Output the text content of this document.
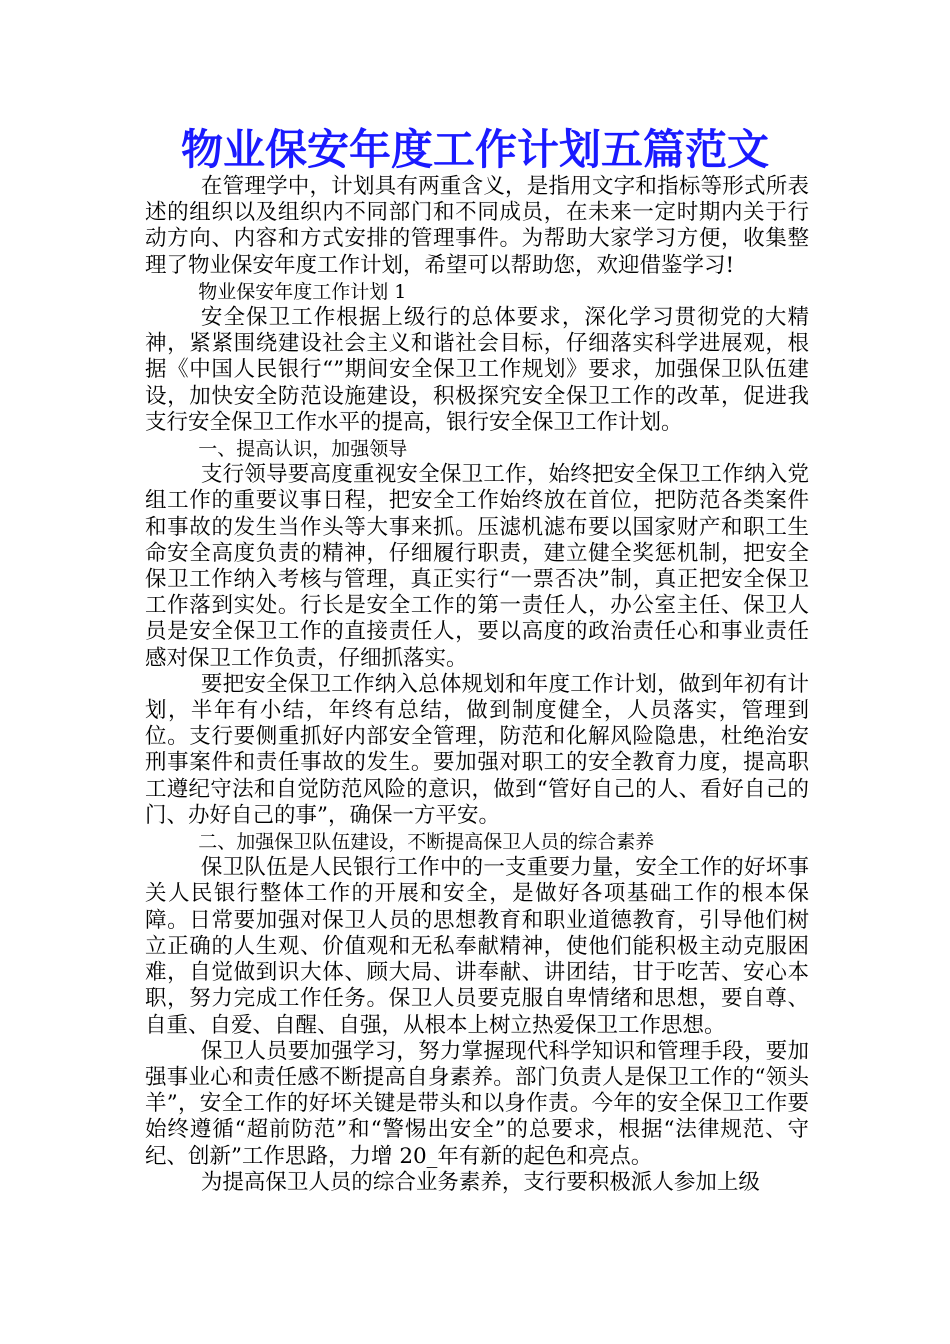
物业保安年度工作计划五篇范文

在管理学中，计划具有两重含义，是指用文字和指标等形式所表述的组织以及组织内不同部门和不同成员，在未来一定时期内关于行动方向、内容和方式安排的管理事件。为帮助大家学习方便，收集整理了物业保安年度工作计划，希望可以帮助您，欢迎借鉴学习!

物业保安年度工作计划 1

安全保卫工作根据上级行的总体要求，深化学习贯彻党的大精神，紧紧围绕建设社会主义和谐社会目标，仔细落实科学进展观，根据《中国人民银行“”期间安全保卫工作规划》要求，加强保卫队伍建设，加快安全防范设施建设，积极探究安全保卫工作的改革，促进我支行安全保卫工作水平的提高，银行安全保卫工作计划。

一、提高认识，加强领导

支行领导要高度重视安全保卫工作，始终把安全保卫工作纳入党组工作的重要议事日程，把安全工作始终放在首位，把防范各类案件和事故的发生当作头等大事来抓。压滤机滤布要以国家财产和职工生命安全高度负责的精神，仔细履行职责，建立健全奖惩机制，把安全保卫工作纳入考核与管理，真正实行“一票否决”制，真正把安全保卫工作落到实处。行长是安全工作的第一责任人，办公室主任、保卫人员是安全保卫工作的直接责任人，要以高度的政治责任心和事业责任感对保卫工作负责，仔细抓落实。

要把安全保卫工作纳入总体规划和年度工作计划，做到年初有计划，半年有小结，年终有总结，做到制度健全，人员落实，管理到位。支行要侧重抓好内部安全管理，防范和化解风险隐患，杜绝治安刑事案件和责任事故的发生。要加强对职工的安全教育力度，提高职工遵纪守法和自觉防范风险的意识，做到“管好自己的人、看好自己的门、办好自己的事”，确保一方平安。

二、加强保卫队伍建设，不断提高保卫人员的综合素养

保卫队伍是人民银行工作中的一支重要力量，安全工作的好坏事关人民银行整体工作的开展和安全，是做好各项基础工作的根本保障。日常要加强对保卫人员的思想教育和职业道德教育，引导他们树立正确的人生观、价值观和无私奉献精神，使他们能积极主动克服困难，自觉做到识大体、顾大局、讲奉献、讲团结，甘于吃苦、安心本职，努力完成工作任务。保卫人员要克服自卑情绪和思想，要自尊、自重、自爱、自醒、自强，从根本上树立热爱保卫工作思想。

保卫人员要加强学习，努力掌握现代科学知识和管理手段，要加强事业心和责任感不断提高自身素养。部门负责人是保卫工作的“领头羊”，安全工作的好坏关键是带头和以身作责。今年的安全保卫工作要始终遵循“超前防范”和“警惕出安全”的总要求，根据“法律规范、守纪、创新”工作思路，力增 20_年有新的起色和亮点。

为提高保卫人员的综合业务素养，支行要积极派人参加上级
